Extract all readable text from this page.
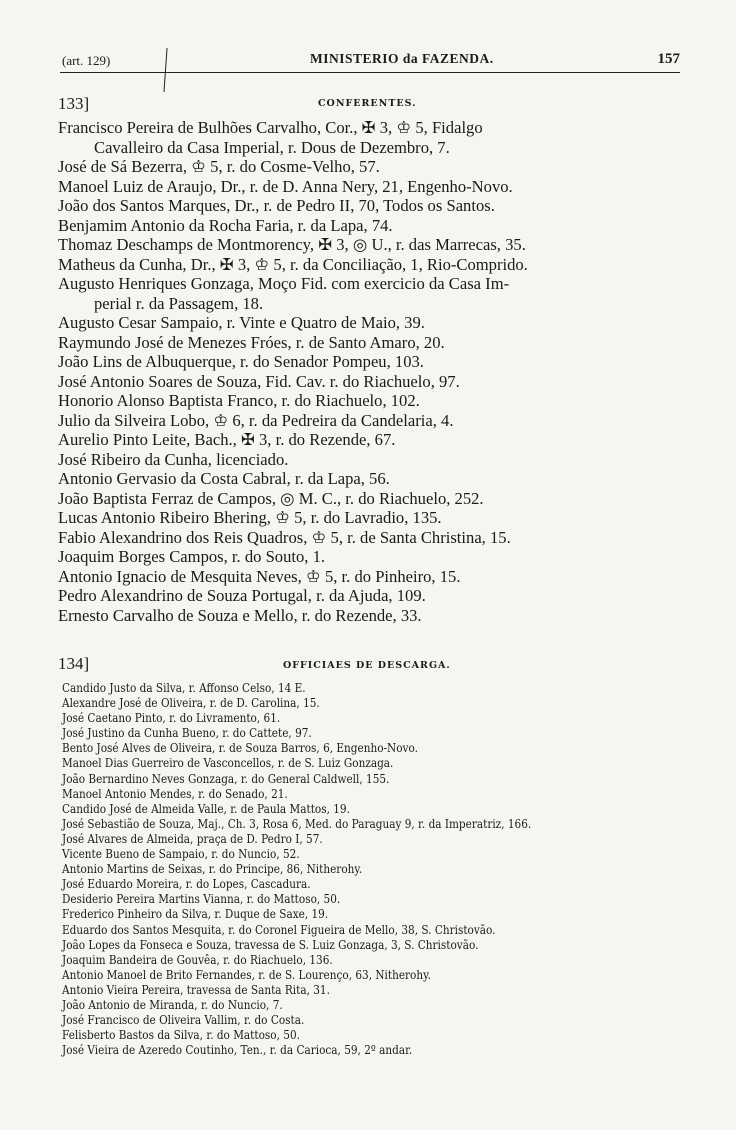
(art. 129)	MINISTERIO da FAZENDA.	157
133]	CONFERENTES.
Francisco Pereira de Bulhões Carvalho, Cor., ✠ 3, ♔ 5, Fidalgo
Cavalleiro da Casa Imperial, r. Dous de Dezembro, 7.
José de Sá Bezerra, ♔ 5, r. do Cosme-Velho, 57.
Manoel Luiz de Araujo, Dr., r. de D. Anna Nery, 21, Engenho-Novo.
João dos Santos Marques, Dr., r. de Pedro II, 70, Todos os Santos.
Benjamim Antonio da Rocha Faria, r. da Lapa, 74.
Thomaz Deschamps de Montmorency, ✠ 3, ◎ U., r. das Marrecas, 35.
Matheus da Cunha, Dr., ✠ 3, ♔ 5, r. da Conciliação, 1, Rio-Comprido.
Augusto Henriques Gonzaga, Moço Fid. com exercicio da Casa Im-
perial r. da Passagem, 18.
Augusto Cesar Sampaio, r. Vinte e Quatro de Maio, 39.
Raymundo José de Menezes Fróes, r. de Santo Amaro, 20.
João Lins de Albuquerque, r. do Senador Pompeu, 103.
José Antonio Soares de Souza, Fid. Cav. r. do Riachuelo, 97.
Honorio Alonso Baptista Franco, r. do Riachuelo, 102.
Julio da Silveira Lobo, ♔ 6, r. da Pedreira da Candelaria, 4.
Aurelio Pinto Leite, Bach., ✠ 3, r. do Rezende, 67.
José Ribeiro da Cunha, licenciado.
Antonio Gervasio da Costa Cabral, r. da Lapa, 56.
João Baptista Ferraz de Campos, ◎ M. C., r. do Riachuelo, 252.
Lucas Antonio Ribeiro Bhering, ♔ 5, r. do Lavradio, 135.
Fabio Alexandrino dos Reis Quadros, ♔ 5, r. de Santa Christina, 15.
Joaquim Borges Campos, r. do Souto, 1.
Antonio Ignacio de Mesquita Neves, ♔ 5, r. do Pinheiro, 15.
Pedro Alexandrino de Souza Portugal, r. da Ajuda, 109.
Ernesto Carvalho de Souza e Mello, r. do Rezende, 33.
134]	OFFICIAES DE DESCARGA.
Candido Justo da Silva, r. Affonso Celso, 14 E.
Alexandre José de Oliveira, r. de D. Carolina, 15.
José Caetano Pinto, r. do Livramento, 61.
José Justino da Cunha Bueno, r. do Cattete, 97.
Bento José Alves de Oliveira, r. de Souza Barros, 6, Engenho-Novo.
Manoel Dias Guerreiro de Vasconcellos, r. de S. Luiz Gonzaga.
João Bernardino Neves Gonzaga, r. do General Caldwell, 155.
Manoel Antonio Mendes, r. do Senado, 21.
Candido José de Almeida Valle, r. de Paula Mattos, 19.
José Sebastião de Souza, Maj., Ch. 3, Rosa 6, Med. do Paraguay 9, r. da Imperatriz, 166.
José Alvares de Almeida, praça de D. Pedro I, 57.
Vicente Bueno de Sampaio, r. do Nuncio, 52.
Antonio Martins de Seixas, r. do Principe, 86, Nitherohy.
José Eduardo Moreira, r. do Lopes, Cascadura.
Desiderio Pereira Martins Vianna, r. do Mattoso, 50.
Frederico Pinheiro da Silva, r. Duque de Saxe, 19.
Eduardo dos Santos Mesquita, r. do Coronel Figueira de Mello, 38, S. Christovão.
João Lopes da Fonseca e Souza, travessa de S. Luiz Gonzaga, 3, S. Christovão.
Joaquim Bandeira de Gouvêa, r. do Riachuelo, 136.
Antonio Manoel de Brito Fernandes, r. de S. Lourenço, 63, Nitherohy.
Antonio Vieira Pereira, travessa de Santa Rita, 31.
João Antonio de Miranda, r. do Nuncio, 7.
José Francisco de Oliveira Vallim, r. do Costa.
Felisberto Bastos da Silva, r. do Mattoso, 50.
José Vieira de Azeredo Coutinho, Ten., r. da Carioca, 59, 2º andar.
